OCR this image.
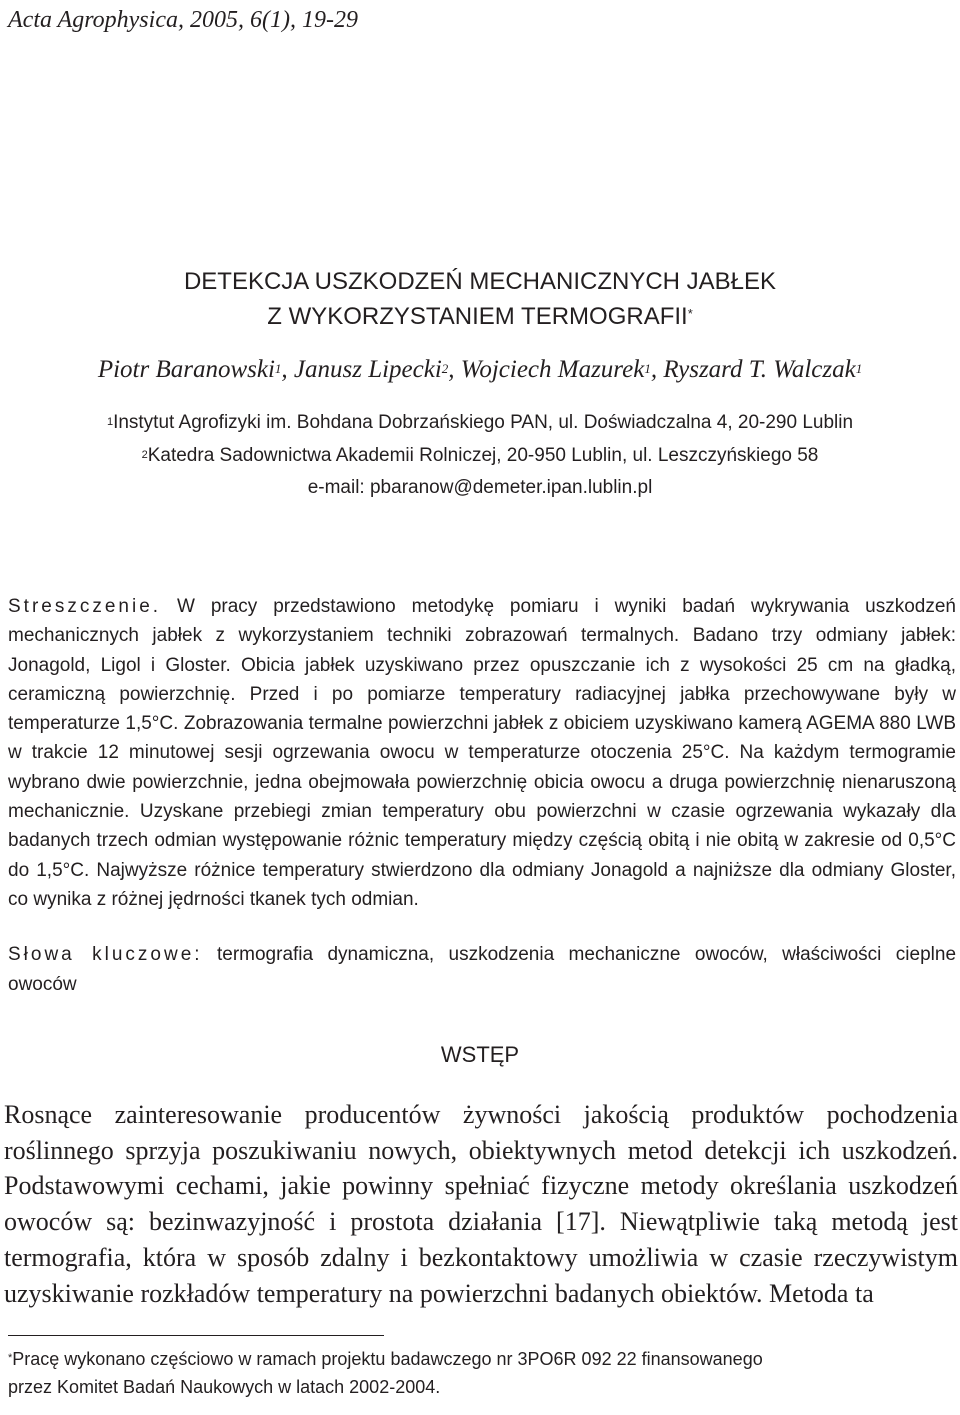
Acta Agrophysica, 2005, 6(1), 19-29
DETEKCJA USZKODZEŃ MECHANICZNYCH JABŁEK
Z WYKORZYSTANIEM TERMOGRAFII*
Piotr Baranowski$^1$, Janusz Lipecki$^2$, Wojciech Mazurek$^1$, Ryszard T. Walczak$^1$
$^1$Instytut Agrofizyki im. Bohdana Dobrzańskiego PAN, ul. Doświadczalna 4, 20-290 Lublin
$^2$Katedra Sadownictwa Akademii Rolniczej, 20-950 Lublin, ul. Leszczyńskiego 58
e-mail: pbaranow@demeter.ipan.lublin.pl
Streszczenie. W pracy przedstawiono metodykę pomiaru i wyniki badań wykrywania uszkodzeń mechanicznych jabłek z wykorzystaniem techniki zobrazowań termalnych. Badano trzy odmiany jabłek: Jonagold, Ligol i Gloster. Obicia jabłek uzyskiwano przez opuszczanie ich z wysokości 25 cm na gładką, ceramiczną powierzchnię. Przed i po pomiarze temperatury radiacyjnej jabłka przechowywane były w temperaturze 1,5°C. Zobrazowania termalne powierzchni jabłek z obiciem uzyskiwano kamerą AGEMA 880 LWB w trakcie 12 minutowej sesji ogrzewania owocu w temperaturze otoczenia 25°C. Na każdym termogramie wybrano dwie powierzchnie, jedna obejmowała powierzchnię obicia owocu a druga powierzchnię nienaruszoną mechanicznie. Uzyskane przebiegi zmian temperatury obu powierzchni w czasie ogrzewania wykazały dla badanych trzech odmian występowanie różnic temperatury między częścią obitą i nie obitą w zakresie od 0,5°C do 1,5°C. Najwyższe różnice temperatury stwierdzono dla odmiany Jonagold a najniższe dla odmiany Gloster, co wynika z różnej jędrności tkanek tych odmian.
Słowa kluczowe: termografia dynamiczna, uszkodzenia mechaniczne owoców, właściwości cieplne owoców
WSTĘP
Rosnące zainteresowanie producentów żywności jakością produktów pochodzenia roślinnego sprzyja poszukiwaniu nowych, obiektywnych metod detekcji ich uszkodzeń. Podstawowymi cechami, jakie powinny spełniać fizyczne metody określania uszkodzeń owoców są: bezinwazyjność i prostota działania [17]. Niewątpliwie taką metodą jest termografia, która w sposób zdalny i bezkontaktowy umożliwia w czasie rzeczywistym uzyskiwanie rozkładów temperatury na powierzchni badanych obiektów. Metoda ta
*Pracę wykonano częściowo w ramach projektu badawczego nr 3PO6R 092 22 finansowanego
przez Komitet Badań Naukowych w latach 2002-2004.
